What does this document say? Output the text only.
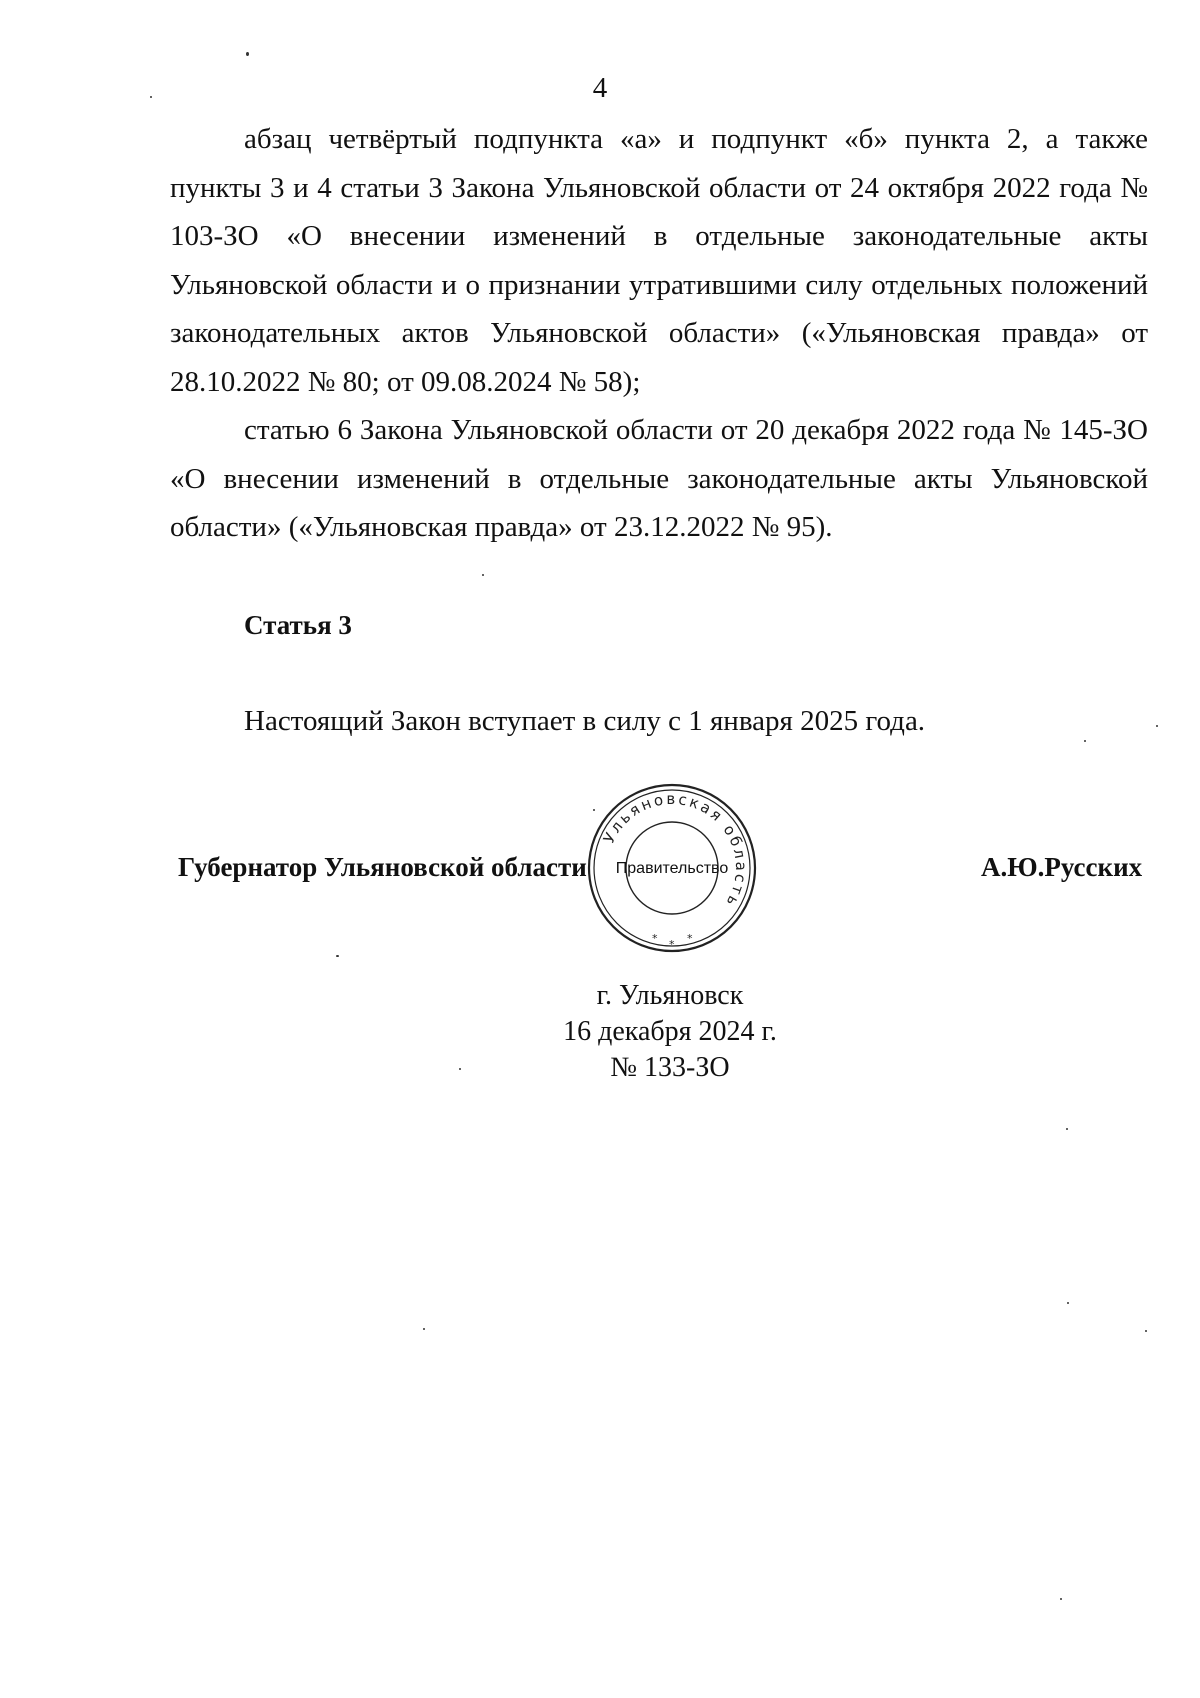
4

абзац четвёртый подпункта «а» и подпункт «б» пункта 2, а также пункты 3 и 4 статьи 3 Закона Ульяновской области от 24 октября 2022 года № 103-ЗО «О внесении изменений в отдельные законодательные акты Ульяновской области и о признании утратившими силу отдельных положений законодательных актов Ульяновской области» («Ульяновская правда» от 28.10.2022 № 80; от 09.08.2024 № 58);

статью 6 Закона Ульяновской области от 20 декабря 2022 года № 145-ЗО «О внесении изменений в отдельные законодательные акты Ульяновской области» («Ульяновская правда» от 23.12.2022 № 95).

Статья 3
Настоящий Закон вступает в силу с 1 января 2025 года.
Губернатор Ульяновской области
Ульяновская область
Правительство
* * *
А.Ю.Русских
г. Ульяновск
16 декабря 2024 г.
№ 133-ЗО
